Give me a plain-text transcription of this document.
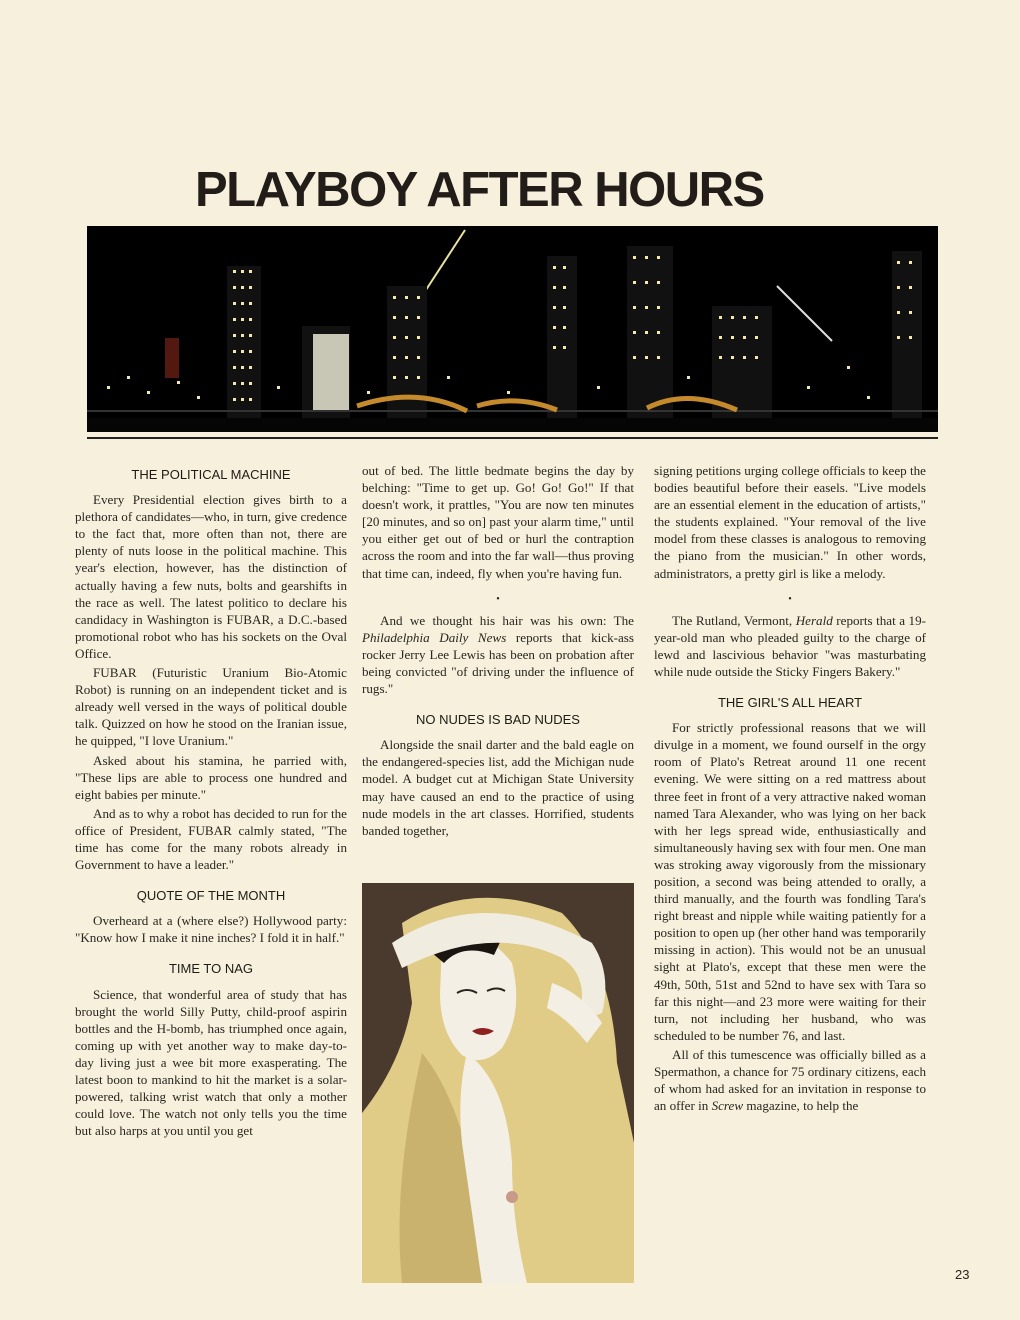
PLAYBOY AFTER HOURS
THE POLITICAL MACHINE

Every Presidential election gives birth to a plethora of candidates—who, in turn, give credence to the fact that, more often than not, there are plenty of nuts loose in the political machine. This year's election, however, has the distinction of actually having a few nuts, bolts and gearshifts in the race as well. The latest politico to declare his candidacy in Washington is FUBAR, a D.C.-based promotional robot who has his sockets on the Oval Office.

FUBAR (Futuristic Uranium Bio-Atomic Robot) is running on an independent ticket and is already well versed in the ways of political double talk. Quizzed on how he stood on the Iranian issue, he quipped, "I love Uranium."

Asked about his stamina, he parried with, "These lips are able to process one hundred and eight babies per minute."

And as to why a robot has decided to run for the office of President, FUBAR calmly stated, "The time has come for the many robots already in Government to have a leader."

QUOTE OF THE MONTH

Overheard at a (where else?) Hollywood party: "Know how I make it nine inches? I fold it in half."

TIME TO NAG

Science, that wonderful area of study that has brought the world Silly Putty, child-proof aspirin bottles and the H-bomb, has triumphed once again, coming up with yet another way to make day-to-day living just a wee bit more exasperating. The latest boon to mankind to hit the market is a solar-powered, talking wrist watch that only a mother could love. The watch not only tells you the time but also harps at you until you get

out of bed. The little bedmate begins the day by belching: "Time to get up. Go! Go! Go!" If that doesn't work, it prattles, "You are now ten minutes [20 minutes, and so on] past your alarm time," until you either get out of bed or hurl the contraption across the room and into the far wall—thus proving that time can, indeed, fly when you're having fun.

•

And we thought his hair was his own: The Philadelphia Daily News reports that kick-ass rocker Jerry Lee Lewis has been on probation after being convicted "of driving under the influence of rugs."

NO NUDES IS BAD NUDES

Alongside the snail darter and the bald eagle on the endangered-species list, add the Michigan nude model. A budget cut at Michigan State University may have caused an end to the practice of using nude models in the art classes. Horrified, students banded together,

signing petitions urging college officials to keep the bodies beautiful before their easels. "Live models are an essential element in the education of artists," the students explained. "Your removal of the live model from these classes is analogous to removing the piano from the musician." In other words, administrators, a pretty girl is like a melody.

•

The Rutland, Vermont, Herald reports that a 19-year-old man who pleaded guilty to the charge of lewd and lascivious behavior "was masturbating while nude outside the Sticky Fingers Bakery."

THE GIRL'S ALL HEART

For strictly professional reasons that we will divulge in a moment, we found ourself in the orgy room of Plato's Retreat around 11 one recent evening. We were sitting on a red mattress about three feet in front of a very attractive naked woman named Tara Alexander, who was lying on her back with her legs spread wide, enthusiastically and simultaneously having sex with four men. One man was stroking away vigorously from the missionary position, a second was being attended to orally, a third manually, and the fourth was fondling Tara's right breast and nipple while waiting patiently for a position to open up (her other hand was temporarily missing in action). This would not be an unusual sight at Plato's, except that these men were the 49th, 50th, 51st and 52nd to have sex with Tara so far this night—and 23 more were waiting for their turn, not including her husband, who was scheduled to be number 76, and last.

All of this tumescence was officially billed as a Spermathon, a chance for 75 ordinary citizens, each of whom had asked for an invitation in response to an offer in Screw magazine, to help the

23
